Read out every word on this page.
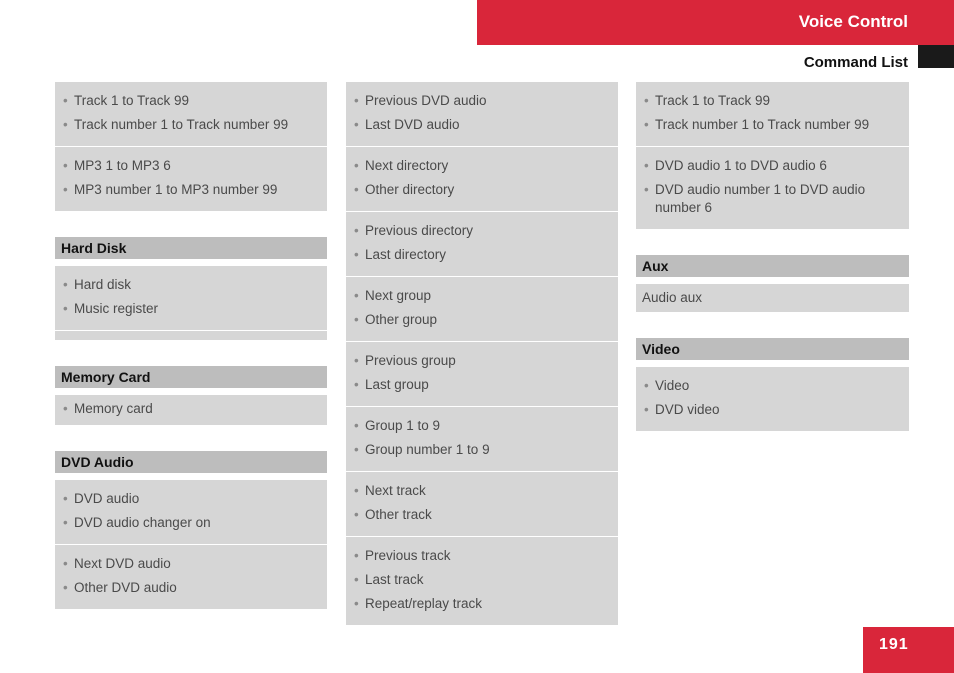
Voice Control
Command List
• Track 1 to Track 99
• Track number 1 to Track number 99
• MP3 1 to MP3 6
• MP3 number 1 to MP3 number 99
Hard Disk
• Hard disk
• Music register
Memory Card
• Memory card
DVD Audio
• DVD audio
• DVD audio changer on
• Next DVD audio
• Other DVD audio
• Previous DVD audio
• Last DVD audio
• Next directory
• Other directory
• Previous directory
• Last directory
• Next group
• Other group
• Previous group
• Last group
• Group 1 to 9
• Group number 1 to 9
• Next track
• Other track
• Previous track
• Last track
• Repeat/replay track
• Track 1 to Track 99
• Track number 1 to Track number 99
• DVD audio 1 to DVD audio 6
• DVD audio number 1 to DVD audio number 6
Aux
Audio aux
Video
• Video
• DVD video
191
